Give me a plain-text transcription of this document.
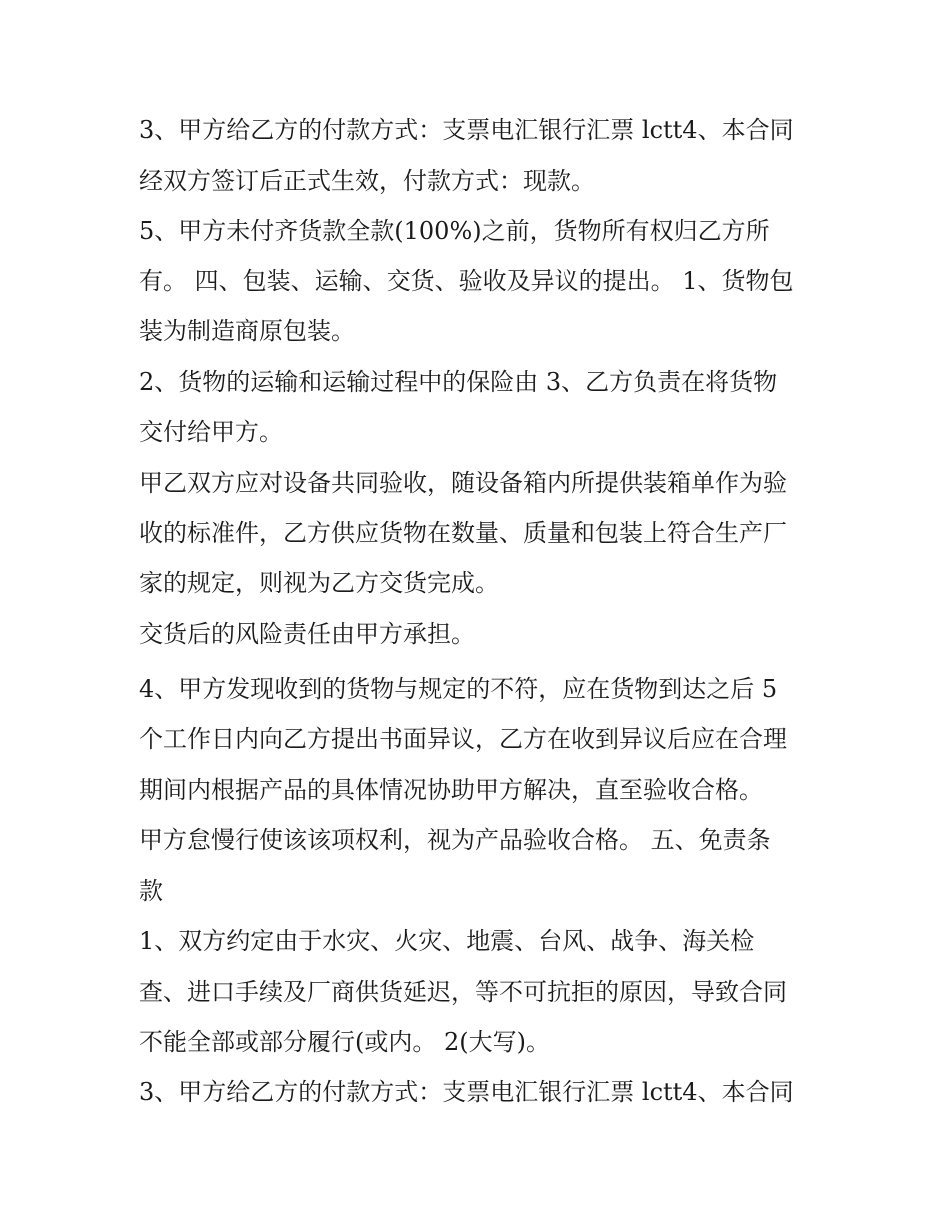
3、甲方给乙方的付款方式：支票电汇银行汇票 lctt4、本合同
经双方签订后正式生效，付款方式：现款。
5、甲方未付齐货款全款(100%)之前，货物所有权归乙方所
有。 四、包装、运输、交货、验收及异议的提出。 1、货物包
装为制造商原包装。
2、货物的运输和运输过程中的保险由 3、乙方负责在将货物
交付给甲方。
甲乙双方应对设备共同验收，随设备箱内所提供装箱单作为验
收的标准件，乙方供应货物在数量、质量和包装上符合生产厂
家的规定，则视为乙方交货完成。
交货后的风险责任由甲方承担。
4、甲方发现收到的货物与规定的不符，应在货物到达之后 5
个工作日内向乙方提出书面异议，乙方在收到异议后应在合理
期间内根据产品的具体情况协助甲方解决，直至验收合格。
甲方怠慢行使该该项权利，视为产品验收合格。 五、免责条
款
1、双方约定由于水灾、火灾、地震、台风、战争、海关检
查、进口手续及厂商供货延迟，等不可抗拒的原因，导致合同
不能全部或部分履行(或内。 2(大写)。
3、甲方给乙方的付款方式：支票电汇银行汇票 lctt4、本合同
